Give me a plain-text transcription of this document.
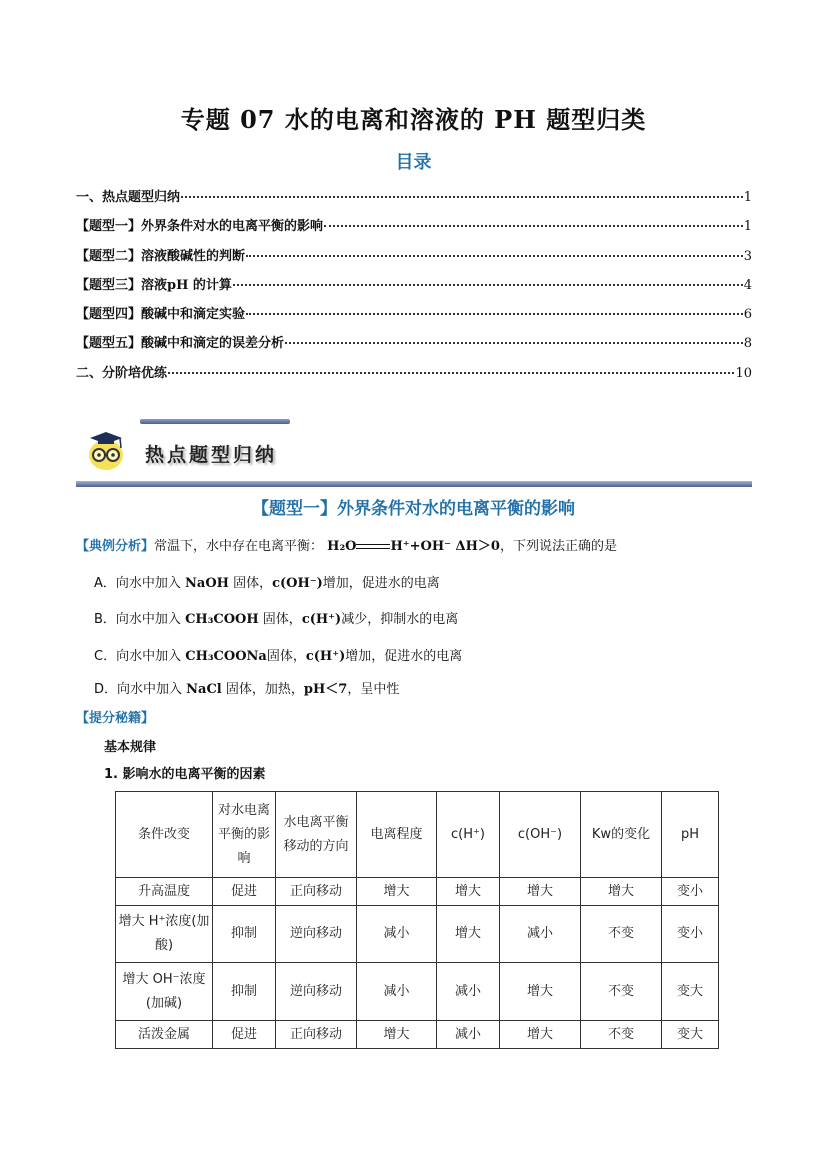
专题 07 水的电离和溶液的 PH 题型归类
目录
一、热点题型归纳	1
【题型一】外界条件对水的电离平衡的影响	1
【题型二】溶液酸碱性的判断	3
【题型三】溶液pH 的计算	4
【题型四】酸碱中和滴定实验	6
【题型五】酸碱中和滴定的误差分析	8
二、分阶培优练	10
热点题型归纳
【题型一】外界条件对水的电离平衡的影响
【典例分析】常温下，水中存在电离平衡： H₂O	H⁺+OH⁻ ΔH＞0，下列说法正确的是
A．向水中加入 NaOH 固体，c(OH⁻)增加，促进水的电离
B．向水中加入 CH₃COOH 固体，c(H⁺)减少，抑制水的电离
C．向水中加入 CH₃COONa固体，c(H⁺)增加，促进水的电离
D．向水中加入 NaCl 固体，加热，pH＜7，呈中性
【提分秘籍】
基本规律
1. 影响水的电离平衡的因素
条件改变	对水电离平衡的影响	水电离平衡移动的方向	电离程度	c(H⁺)	c(OH⁻)	Kw的变化	pH
升高温度	促进	正向移动	增大	增大	增大	增大	变小
增大 H⁺浓度(加酸)	抑制	逆向移动	减小	增大	减小	不变	变小
增大 OH⁻浓度(加碱)	抑制	逆向移动	减小	减小	增大	不变	变大
活泼金属	促进	正向移动	增大	减小	增大	不变	变大
